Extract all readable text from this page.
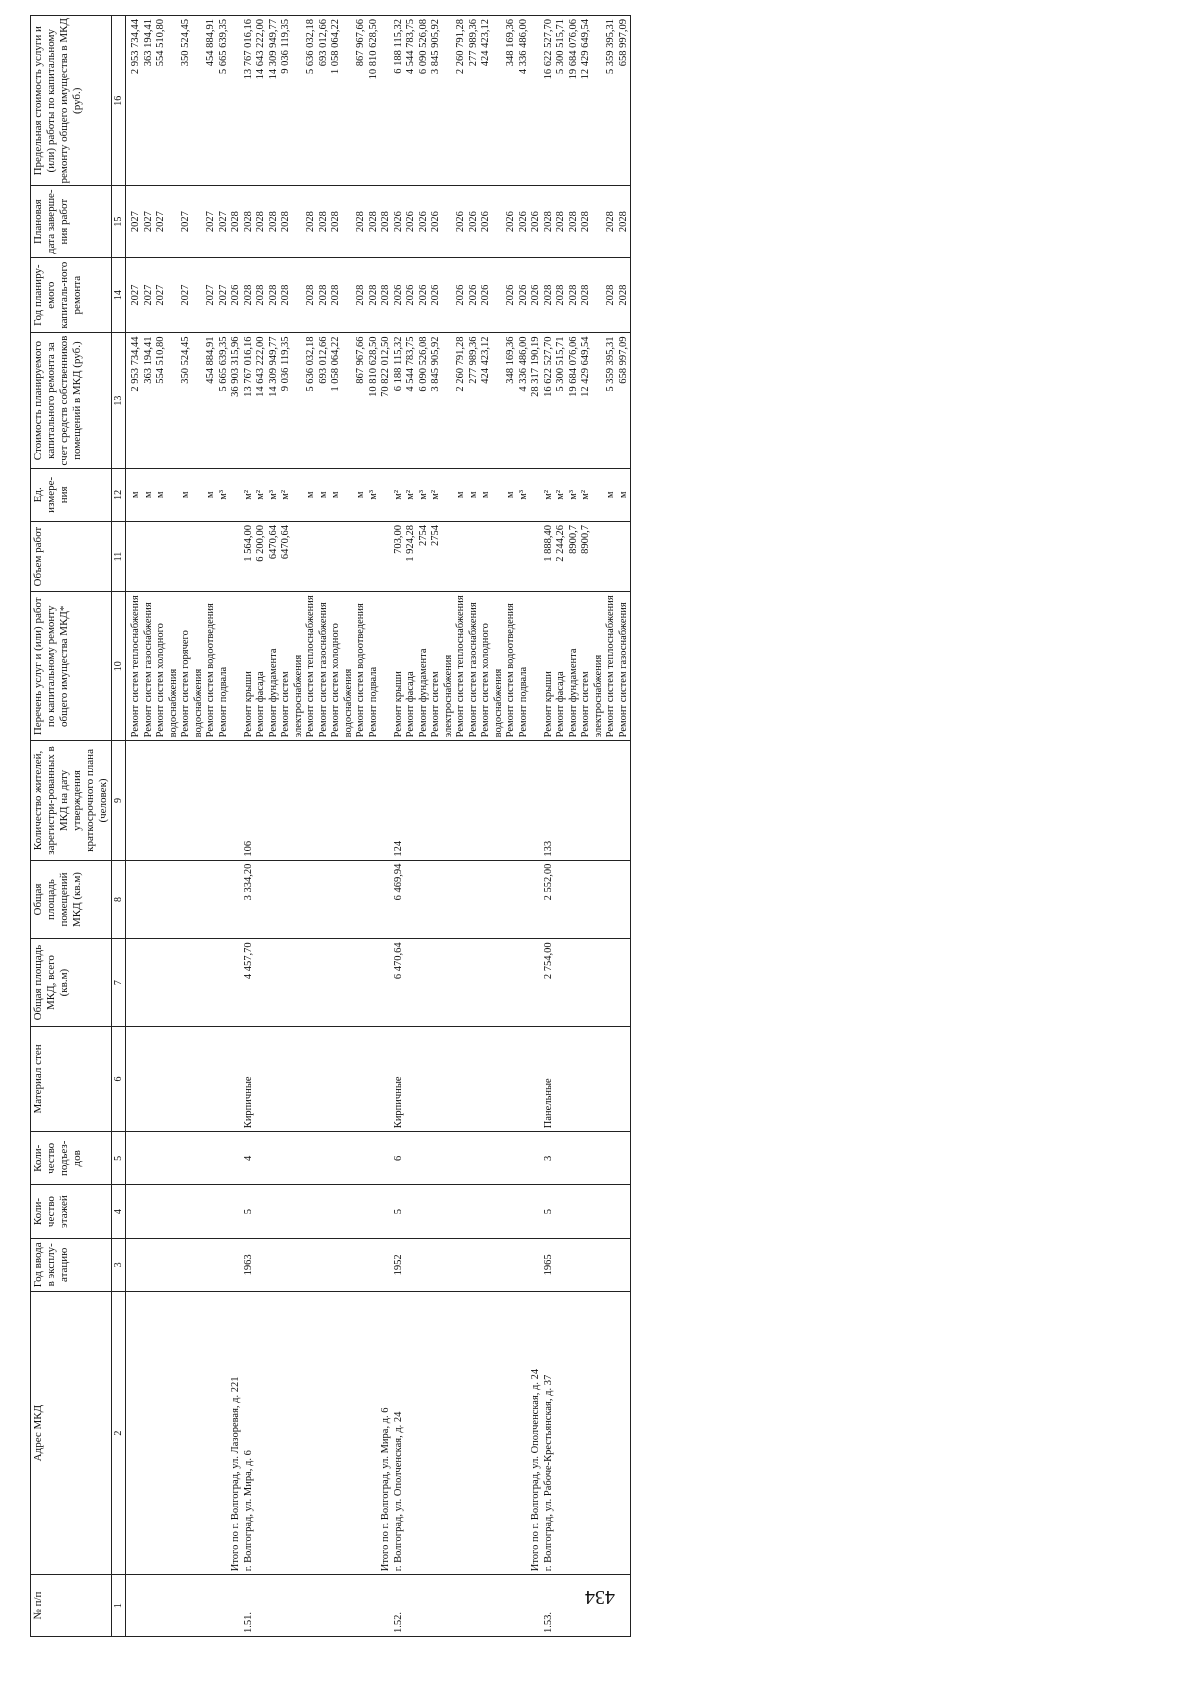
434
№ п/п	Адрес МКД	Год ввода в эксплу-атацию	Коли-чество этажей	Коли-чество подъез-дов	Материал стен	Общая площадь МКД, всего (кв.м)	Общая площадь помещений МКД (кв.м)	Количество жителей, зарегистри-рованных в МКД на дату утверждения краткосрочного плана (человек)	Перечень услуг и (или) работ по капитальному ремонту общего имущества МКД*	Объем работ	Ед. измере-ния	Стоимость планируемого капитального ремонта за счет средств собственников помещений в МКД (руб.)	Год планиру-емого капиталь-ного ремонта	Плановая дата заверше-ния работ	Предельная стоимость услуги и (или) работы по капитальному ремонту общего имущества в МКД (руб.)
1	2	3	4	5	6	7	8	9	10	11	12	13	14	15	16

									Ремонт систем теплоснабжения		м	2 953 734,44	2027	2027	2 953 734,44
									Ремонт систем газоснабжения		м	363 194,41	2027	2027	363 194,41
									Ремонт систем холодного водоснабжения		м	554 510,80	2027	2027	554 510,80
									Ремонт систем горячего водоснабжения		м	350 524,45	2027	2027	350 524,45
									Ремонт систем водоотведения		м	454 884,91	2027	2027	454 884,91
									Ремонт подвала		м³	5 665 639,35	2027	2027	5 665 639,35
	Итого по г. Волгоград, ул. Лазоревая, д. 221											36 903 315,96	2026	2028	
1.51.	г. Волгоград, ул. Мира, д. 6	1963	5	4	Кирпичные	4 457,70	3 334,20	106	Ремонт крыши	1 564,00	м²	13 767 016,16	2028	2028	13 767 016,16
									Ремонт фасада	6 200,00	м²	14 643 222,00	2028	2028	14 643 222,00
									Ремонт фундамента	6470,64	м³	14 309 949,77	2028	2028	14 309 949,77
									Ремонт систем электроснабжения	6470,64	м²	9 036 119,35	2028	2028	9 036 119,35
									Ремонт систем теплоснабжения		м	5 636 032,18	2028	2028	5 636 032,18
									Ремонт систем газоснабжения		м	693 012,66	2028	2028	693 012,66
									Ремонт систем холодного водоснабжения		м	1 058 064,22	2028	2028	1 058 064,22
									Ремонт систем водоотведения		м	867 967,66	2028	2028	867 967,66
									Ремонт подвала		м³	10 810 628,50	2028	2028	10 810 628,50
	Итого по г. Волгоград, ул. Мира, д. 6											70 822 012,50	2028	2028	
1.52.	г. Волгоград, ул. Ополченская, д. 24	1952	5	6	Кирпичные	6 470,64	6 469,94	124	Ремонт крыши	703,00	м²	6 188 115,32	2026	2026	6 188 115,32
									Ремонт фасада	1 924,28	м²	4 544 783,75	2026	2026	4 544 783,75
									Ремонт фундамента	2754	м³	6 090 526,08	2026	2026	6 090 526,08
									Ремонт систем электроснабжения	2754	м²	3 845 905,92	2026	2026	3 845 905,92
									Ремонт систем теплоснабжения		м	2 260 791,28	2026	2026	2 260 791,28
									Ремонт систем газоснабжения		м	277 989,36	2026	2026	277 989,36
									Ремонт систем холодного водоснабжения		м	424 423,12	2026	2026	424 423,12
									Ремонт систем водоотведения		м	348 169,36	2026	2026	348 169,36
									Ремонт подвала		м³	4 336 486,00	2026	2026	4 336 486,00
	Итого по г. Волгоград, ул. Ополченская, д. 24											28 317 190,19	2026	2026	
1.53.	г. Волгоград, ул. Рабоче-Крестьянская, д. 37	1965	5	3	Панельные	2 754,00	2 552,00	133	Ремонт крыши	1 888,40	м²	16 622 527,70	2028	2028	16 622 527,70
									Ремонт фасада	2 244,26	м²	5 300 515,71	2028	2028	5 300 515,71
									Ремонт фундамента	8900,7	м³	19 684 076,06	2028	2028	19 684 076,06
									Ремонт систем электроснабжения	8900,7	м²	12 429 649,54	2028	2028	12 429 649,54
									Ремонт систем теплоснабжения		м	5 359 395,31	2028	2028	5 359 395,31
									Ремонт систем газоснабжения		м	658 997,09	2028	2028	658 997,09
